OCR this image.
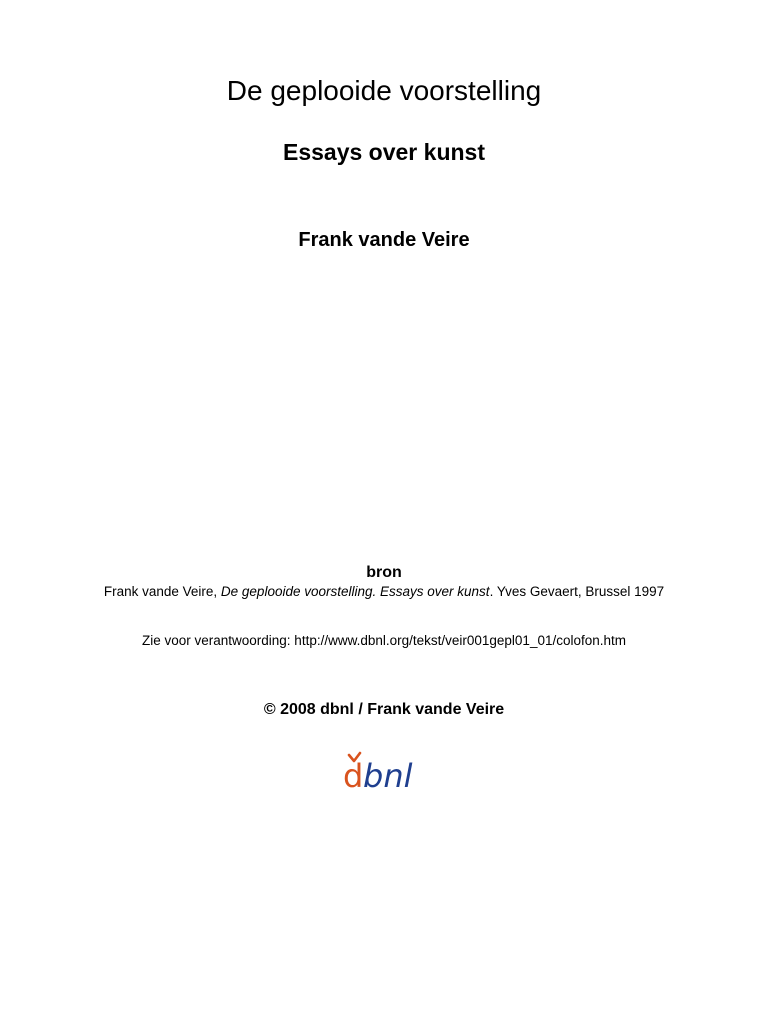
De geplooide voorstelling
Essays over kunst
Frank vande Veire
bron
Frank vande Veire, De geplooide voorstelling. Essays over kunst. Yves Gevaert, Brussel 1997
Zie voor verantwoording: http://www.dbnl.org/tekst/veir001gepl01_01/colofon.htm
© 2008 dbnl / Frank vande Veire
d bnl
